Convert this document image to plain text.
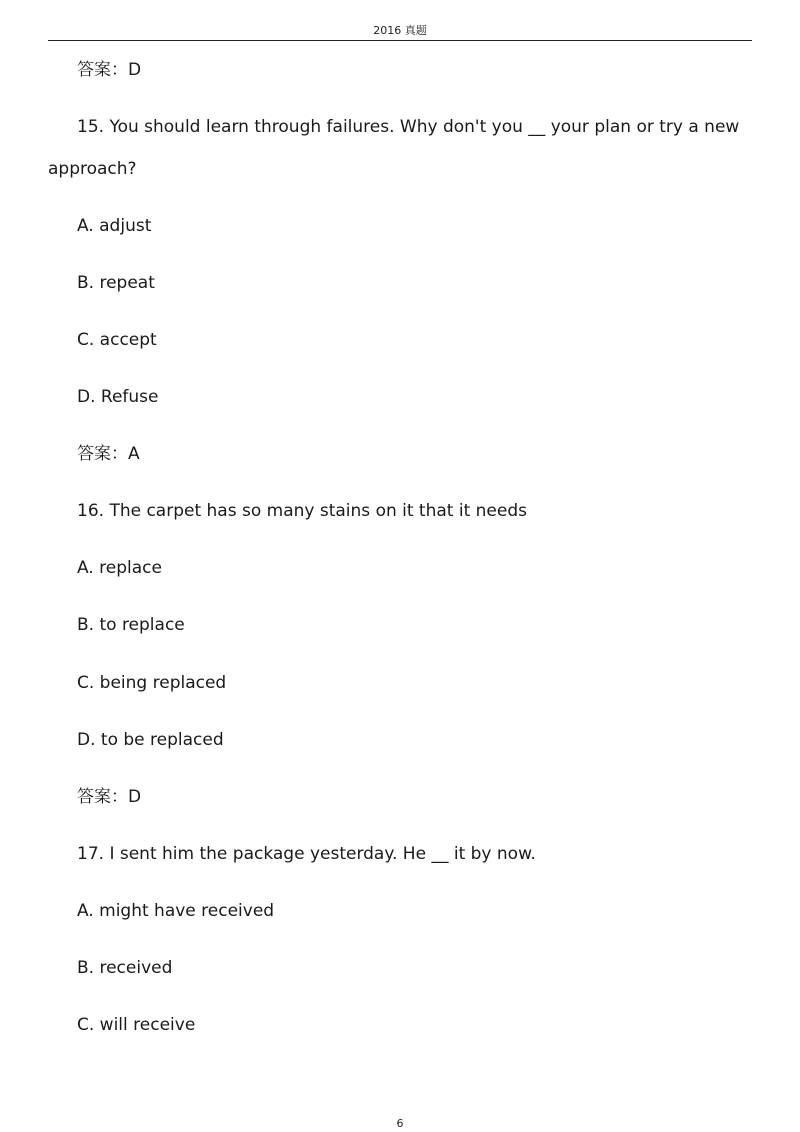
2016 真题
答案：D
15. You should learn through failures. Why don't you __ your plan or try a new
approach?
A. adjust
B. repeat
C. accept
D. Refuse
答案：A
16. The carpet has so many stains on it that it needs
A. replace
B. to replace
C. being replaced
D. to be replaced
答案：D
17. I sent him the package yesterday. He __ it by now.
A. might have received
B. received
C. will receive
6
